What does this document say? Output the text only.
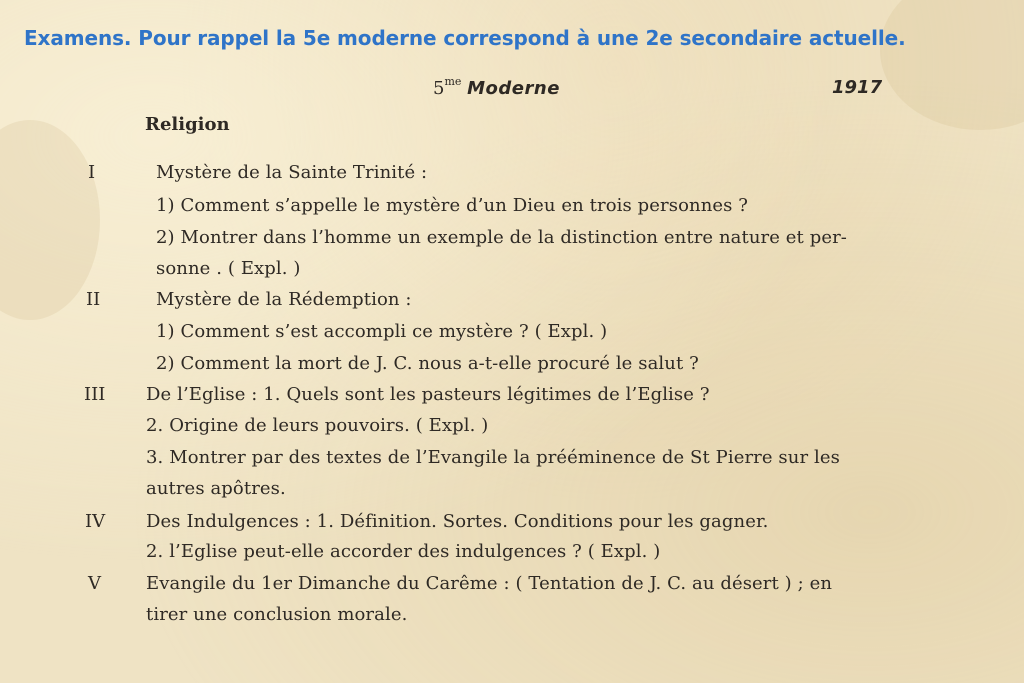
Examens. Pour rappel la 5e moderne correspond à une 2e secondaire actuelle.
$5^{me}$ Moderne	1917
Religion
I	Mystère de la Sainte Trinité :
1) Comment s’appelle le mystère d’un Dieu en trois personnes ?
2) Montrer dans l’homme un exemple de la distinction entre nature et per-
sonne . ( Expl. )
II	Mystère de la Rédemption :
1) Comment s’est accompli ce mystère ? ( Expl. )
2) Comment la mort de J. C. nous a-t-elle procuré le salut ?
III De l’Eglise : 1. Quels sont les pasteurs légitimes de l’Eglise ?
2. Origine de leurs pouvoirs. ( Expl. )
3. Montrer par des textes de l’Evangile la prééminence de St Pierre sur les
autres apôtres.
IV Des Indulgences : 1. Définition. Sortes. Conditions pour les gagner.
2. l’Eglise peut-elle accorder des indulgences ? ( Expl. )
V	Evangile du 1er Dimanche du Carême : ( Tentation de J. C. au désert ) ; en
tirer une conclusion morale.
